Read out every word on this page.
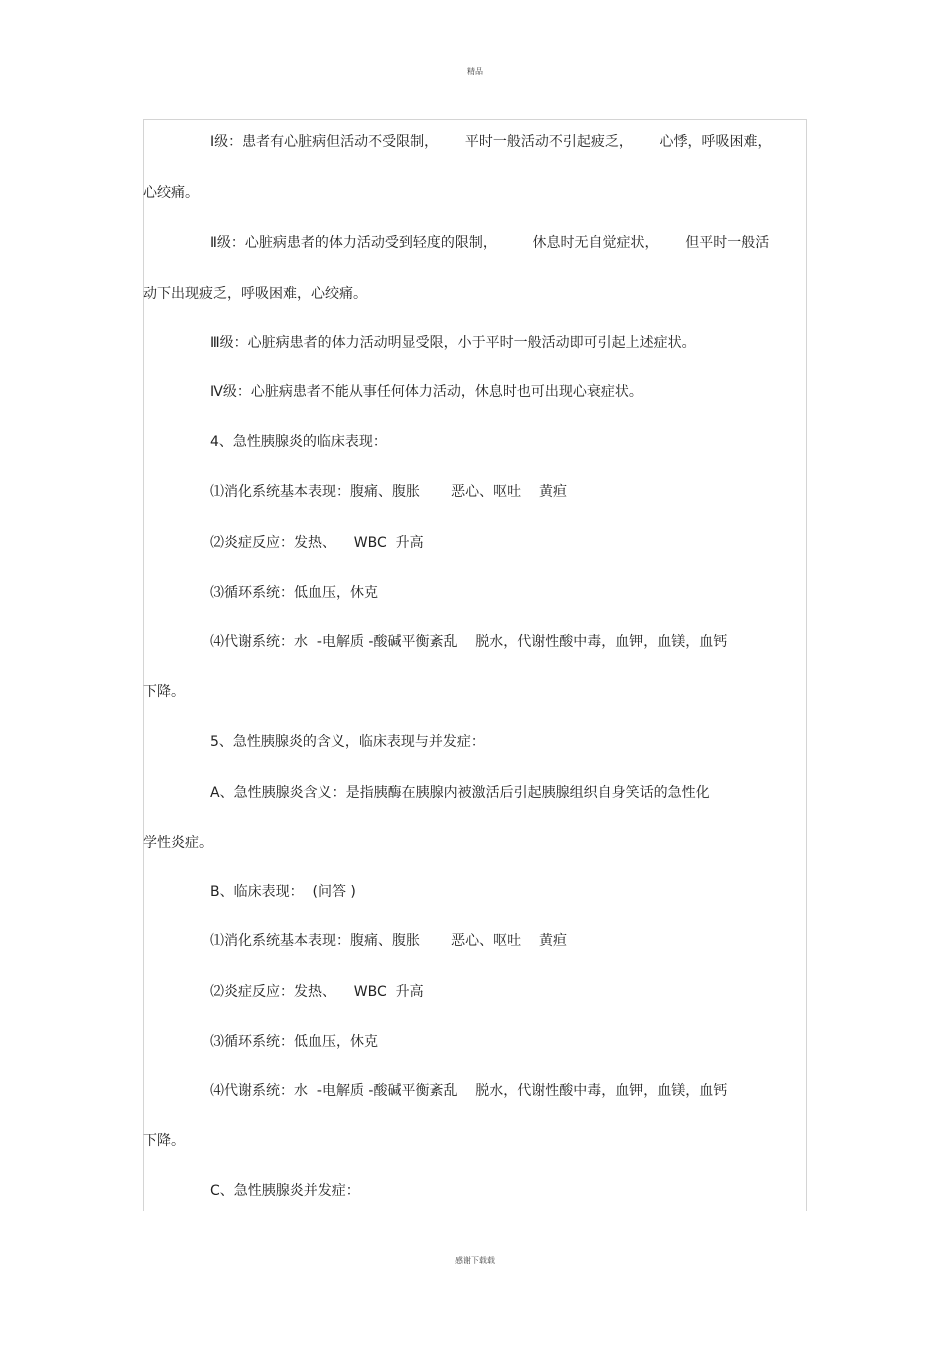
精品
Ⅰ级：患者有心脏病但活动不受限制，      平时一般活动不引起疲乏，      心悸，呼吸困难，
心绞痛。
Ⅱ级：心脏病患者的体力活动受到轻度的限制，        休息时无自觉症状，      但平时一般活
动下出现疲乏，呼吸困难，心绞痛。
Ⅲ级：心脏病患者的体力活动明显受限，小于平时一般活动即可引起上述症状。
Ⅳ级：心脏病患者不能从事任何体力活动，休息时也可出现心衰症状。
4、急性胰腺炎的临床表现：
⑴消化系统基本表现：腹痛、腹胀       恶心、呕吐    黄疸
⑵炎症反应：发热、    WBC  升高
⑶循环系统：低血压，休克
⑷代谢系统：水  -电解质 -酸碱平衡紊乱    脱水，代谢性酸中毒，血钾，血镁，血钙
下降。
5、急性胰腺炎的含义，临床表现与并发症：
A、急性胰腺炎含义：是指胰酶在胰腺内被激活后引起胰腺组织自身笑话的急性化
学性炎症。
B、临床表现：  (问答 )
⑴消化系统基本表现：腹痛、腹胀       恶心、呕吐    黄疸
⑵炎症反应：发热、    WBC  升高
⑶循环系统：低血压，休克
⑷代谢系统：水  -电解质 -酸碱平衡紊乱    脱水，代谢性酸中毒，血钾，血镁，血钙
下降。
C、急性胰腺炎并发症：
感谢下载载
